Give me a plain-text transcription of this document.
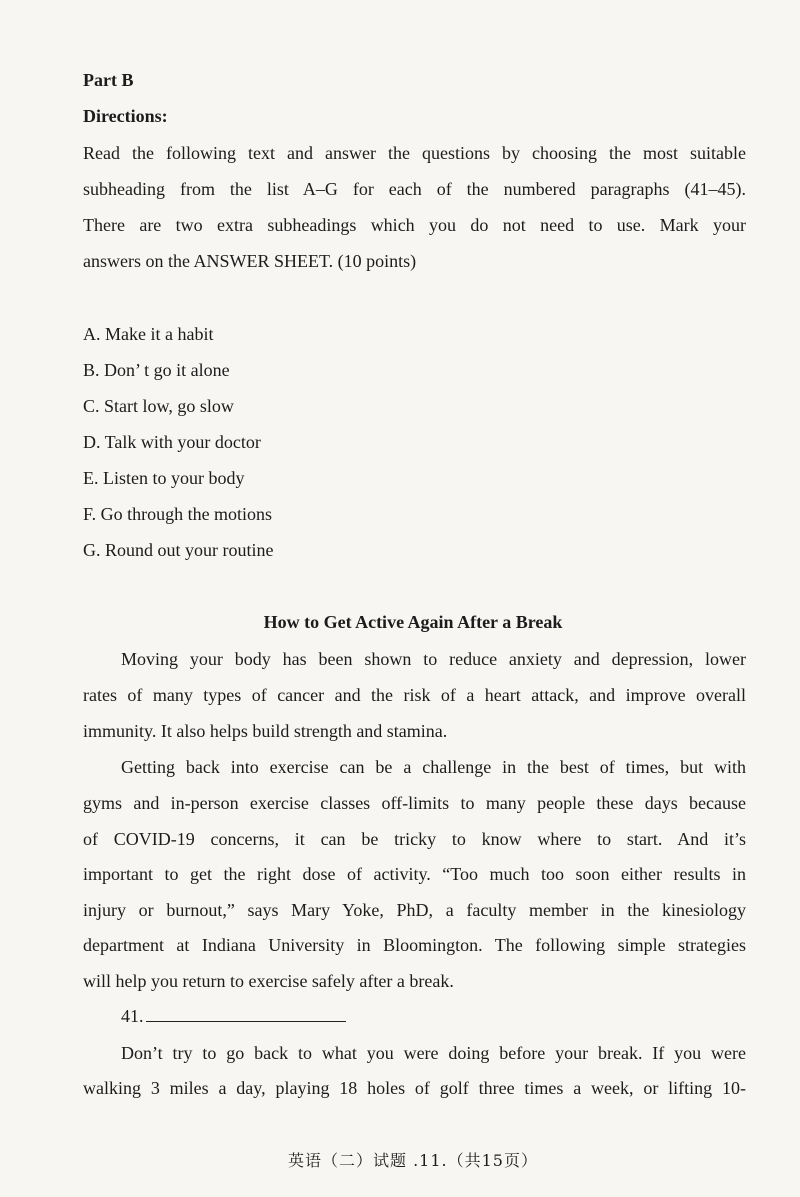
Part B
Directions:
Read the following text and answer the questions by choosing the most suitable
subheading from the list A–G for each of the numbered paragraphs (41–45).
There are two extra subheadings which you do not need to use. Mark your
answers on the ANSWER SHEET. (10 points)
A. Make it a habit
B. Don’ t go it alone
C. Start low, go slow
D. Talk with your doctor
E. Listen to your body
F. Go through the motions
G. Round out your routine
How to Get Active Again After a Break
Moving your body has been shown to reduce anxiety and depression, lower
rates of many types of cancer and the risk of a heart attack, and improve overall
immunity. It also helps build strength and stamina.
Getting back into exercise can be a challenge in the best of times, but with
gyms and in-person exercise classes off-limits to many people these days because
of COVID-19 concerns, it can be tricky to know where to start. And it’s
important to get the right dose of activity. “Too much too soon either results in
injury or burnout,” says Mary Yoke, PhD, a faculty member in the kinesiology
department at Indiana University in Bloomington. The following simple strategies
will help you return to exercise safely after a break.
41.
Don’t try to go back to what you were doing before your break. If you were
walking 3 miles a day, playing 18 holes of golf three times a week, or lifting 10-
英语（二）试题 .11.（共15页）
